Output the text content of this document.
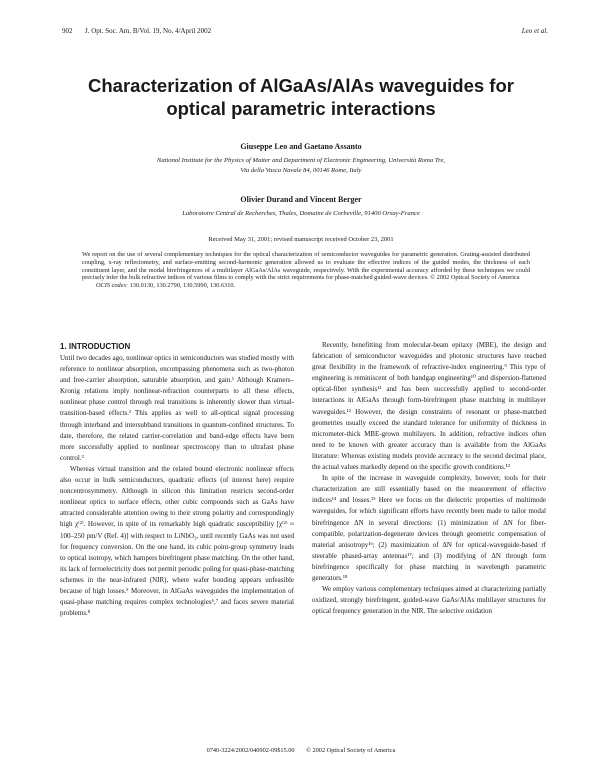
902 J. Opt. Soc. Am. B/Vol. 19, No. 4/April 2002	Leo et al.
Characterization of AlGaAs/AlAs waveguides for optical parametric interactions
Giuseppe Leo and Gaetano Assanto
National Institute for the Physics of Matter and Department of Electronic Engineering, Università Roma Tre,
Via della Vasca Navale 84, 00146 Rome, Italy
Olivier Durand and Vincent Berger
Laboratoire Central de Recherches, Thales, Domaine de Corbeville, 91400 Orsay-France
Received May 31, 2001; revised manuscript received October 23, 2001
We report on the use of several complementary techniques for the optical characterization of semiconductor waveguides for parametric generation. Grating-assisted distributed coupling, x-ray reflectometry, and surface-emitting second-harmonic generation allowed us to evaluate the effective indices of the guided modes, the thickness of each constituent layer, and the modal birefringences of a multilayer AlGaAs/AlAs waveguide, respectively. With the experimental accuracy afforded by these techniques we could precisely infer the bulk refractive indices of various films to comply with the strict requirements for phase-matched guided-wave devices. © 2002 Optical Society of America
OCIS codes: 130.0130, 130.2790, 130.5990, 130.6310.
1. INTRODUCTION

Until two decades ago, nonlinear optics in semiconductors was studied mostly with reference to nonlinear absorption, encompassing phenomena such as two-photon and free-carrier absorption, saturable absorption, and gain.¹ Although Kramers–Kronig relations imply nonlinear-refraction counterparts to all these effects, nonlinear phase control through real transitions is inherently slower than virtual-transition-based effects.² This applies as well to all-optical signal processing through interband and intersubband transitions in quantum-confined structures. To date, therefore, the related carrier-correlation and band-edge effects have been more successfully applied to nonlinear spectroscopy than to ultrafast phase control.³

Whereas virtual transition and the related bound electronic nonlinear effects also occur in bulk semiconductors, quadratic effects (of interest here) require noncentrosymmetry. Although in silicon this limitation restricts second-order nonlinear optics to surface effects, other cubic compounds such as GaAs have attracted considerable attention owing to their strong polarity and correspondingly high χ⁽²⁾. However, in spite of its remarkably high quadratic susceptibility [χ⁽²⁾ ≈ 100–250 pm/V (Ref. 4)] with respect to LiNbO₃, until recently GaAs was not used for frequency conversion. On the one hand, its cubic point-group symmetry leads to optical isotropy, which hampers birefringent phase matching. On the other hand, its lack of ferroelectricity does not permit periodic poling for quasi-phase-matching schemes in the near-infrared (NIR), where wafer bonding appears unfeasible because of high losses.⁵ Moreover, in AlGaAs waveguides the implementation of quasi-phase matching requires complex technologies⁶,⁷ and faces severe material problems.⁸

Recently, benefitting from molecular-beam epitaxy (MBE), the design and fabrication of semiconductor waveguides and photonic structures have reached great flexibility in the framework of refractive-index engineering.⁹ This type of engineering is reminiscent of both bandgap engineering¹⁰ and dispersion-flattened optical-fiber synthesis¹¹ and has been successfully applied to second-order interactions in AlGaAs through form-birefringent phase matching in multilayer waveguides.¹² However, the design constraints of resonant or phase-matched geometries usually exceed the standard tolerance for uniformity of thickness in micrometer-thick MBE-grown multilayers. In addition, refractive indices often need to be known with greater accuracy than is available from the AlGaAs literature: Whereas existing models provide accuracy to the second decimal place, the actual values markedly depend on the specific growth conditions.¹³

In spite of the increase in waveguide complexity, however, tools for their characterization are still essentially based on the measurement of effective indices¹⁴ and losses.¹⁵ Here we focus on the dielectric properties of multimode waveguides, for which significant efforts have recently been made to tailor modal birefringence ΔN in several directions: (1) minimization of ΔN for fiber-compatible, polarization-degenerate devices through geometric compensation of material anisotropy¹⁶; (2) maximization of ΔN for optical-waveguide-based rf steerable phased-array antennas¹⁷; and (3) modifying of ΔN through form birefringence specifically for phase matching in wavelength parametric generators.¹⁸

We employ various complementary techniques aimed at characterizing partially oxidized, strongly birefringent, guided-wave GaAs/AlAs multilayer structures for optical frequency generation in the NIR. The selective oxidation

0740-3224/2002/040902-09$15.00 © 2002 Optical Society of America
